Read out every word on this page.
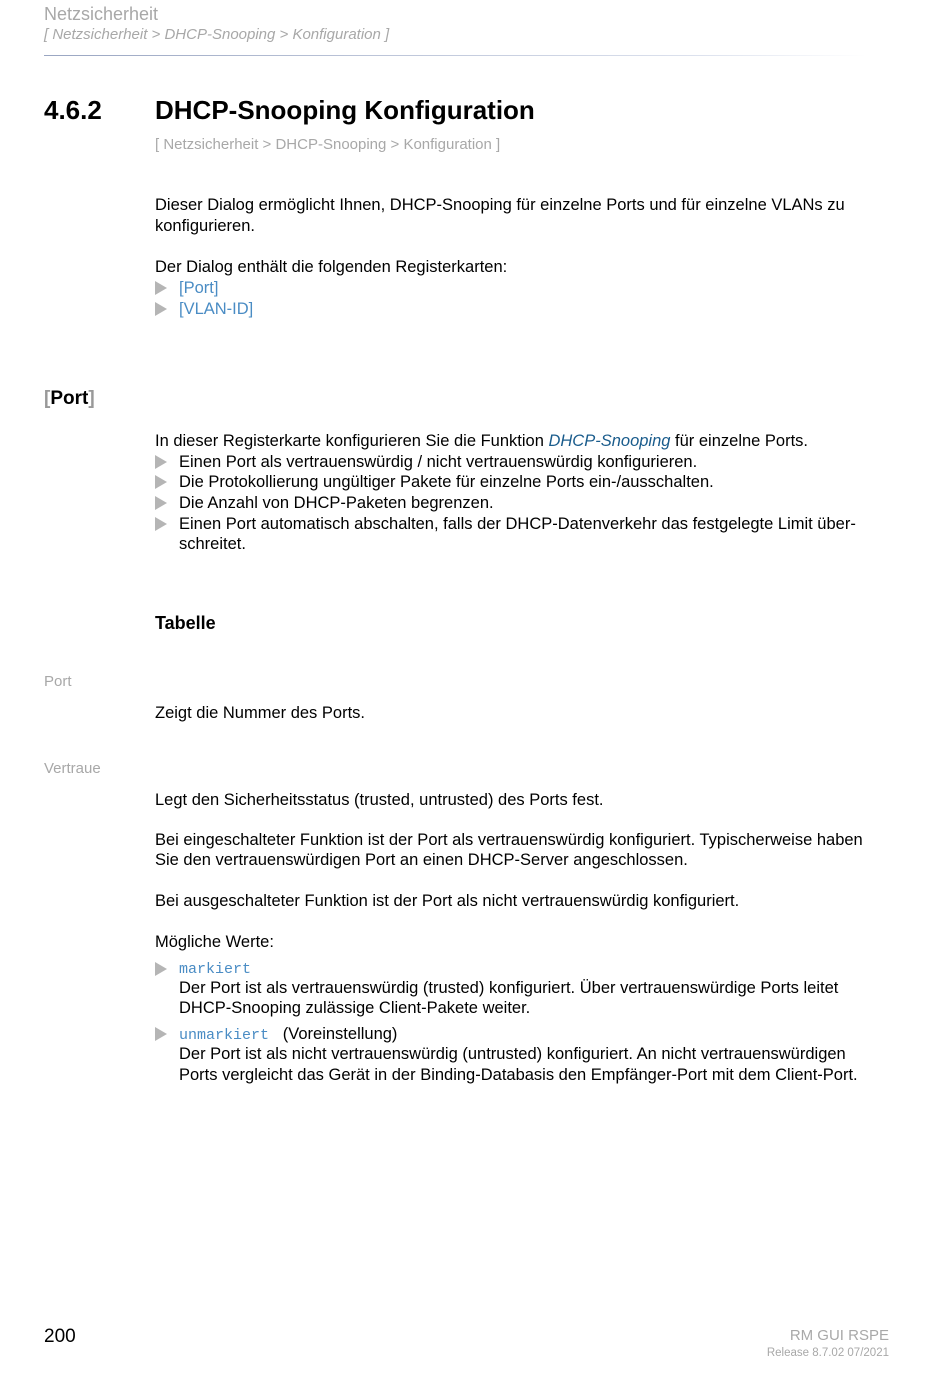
Netzsicherheit
[ Netzsicherheit > DHCP-Snooping > Konfiguration ]
4.6.2 DHCP-Snooping Konfiguration
[ Netzsicherheit > DHCP-Snooping > Konfiguration ]
Dieser Dialog ermöglicht Ihnen, DHCP-Snooping für einzelne Ports und für einzelne VLANs zu
konfigurieren.
Der Dialog enthält die folgenden Registerkarten:
[Port]
[VLAN-ID]
[Port]
In dieser Registerkarte konfigurieren Sie die Funktion DHCP-Snooping für einzelne Ports.
Einen Port als vertrauenswürdig / nicht vertrauenswürdig konfigurieren.
Die Protokollierung ungültiger Pakete für einzelne Ports ein-/ausschalten.
Die Anzahl von DHCP-Paketen begrenzen.
Einen Port automatisch abschalten, falls der DHCP-Datenverkehr das festgelegte Limit über-
schreitet.
Tabelle
Port
Zeigt die Nummer des Ports.
Vertraue
Legt den Sicherheitsstatus (trusted, untrusted) des Ports fest.
Bei eingeschalteter Funktion ist der Port als vertrauenswürdig konfiguriert. Typischerweise haben
Sie den vertrauenswürdigen Port an einen DHCP-Server angeschlossen.
Bei ausgeschalteter Funktion ist der Port als nicht vertrauenswürdig konfiguriert.
Mögliche Werte:
markiert
Der Port ist als vertrauenswürdig (trusted) konfiguriert. Über vertrauenswürdige Ports leitet
DHCP-Snooping zulässige Client-Pakete weiter.
unmarkiert (Voreinstellung)
Der Port ist als nicht vertrauenswürdig (untrusted) konfiguriert. An nicht vertrauenswürdigen
Ports vergleicht das Gerät in der Binding-Databasis den Empfänger-Port mit dem Client-Port.
200	RM GUI RSPE
Release 8.7.02 07/2021
